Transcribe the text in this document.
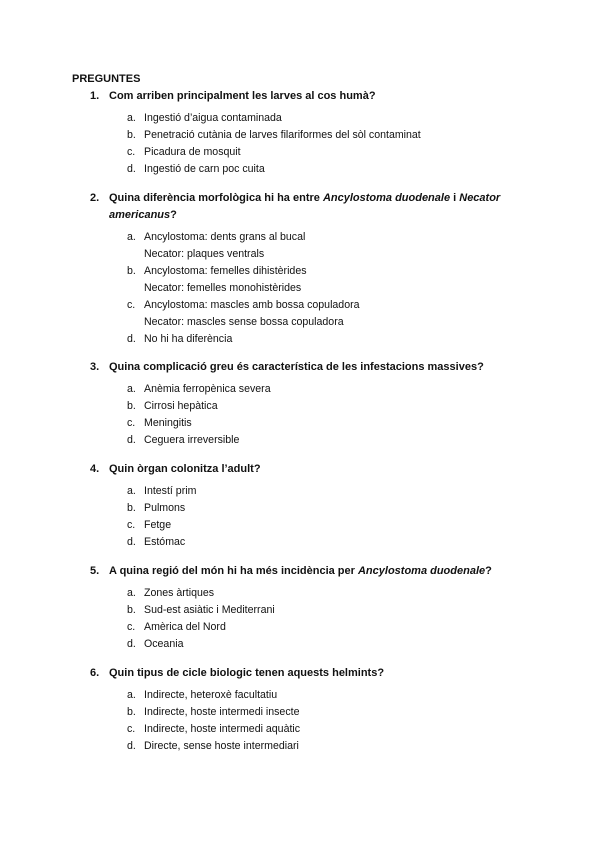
PREGUNTES
1. Com arriben principalment les larves al cos humà?
a. Ingestió d’aigua contaminada
b. Penetració cutània de larves filariformes del sòl contaminat
c. Picadura de mosquit
d. Ingestió de carn poc cuita
2. Quina diferència morfològica hi ha entre Ancylostoma duodenale i Necator americanus?
a. Ancylostoma: dents grans al bucal
Necator: plaques ventrals
b. Ancylostoma: femelles dihistèrides
Necator: femelles monohistèrides
c. Ancylostoma: mascles amb bossa copuladora
Necator: mascles sense bossa copuladora
d. No hi ha diferència
3. Quina complicació greu és característica de les infestacions massives?
a. Anèmia ferropènica severa
b. Cirrosi hepàtica
c. Meningitis
d. Ceguera irreversible
4. Quin òrgan colonitza l’adult?
a. Intestí prim
b. Pulmons
c. Fetge
d. Estómac
5. A quina regió del món hi ha més incidència per Ancylostoma duodenale?
a. Zones àrtiques
b. Sud-est asiàtic i Mediterrani
c. Amèrica del Nord
d. Oceania
6. Quin tipus de cicle biologic tenen aquests helmints?
a. Indirecte, heteroxè facultatiu
b. Indirecte, hoste intermedi insecte
c. Indirecte, hoste intermedi aquàtic
d. Directe, sense hoste intermediari
